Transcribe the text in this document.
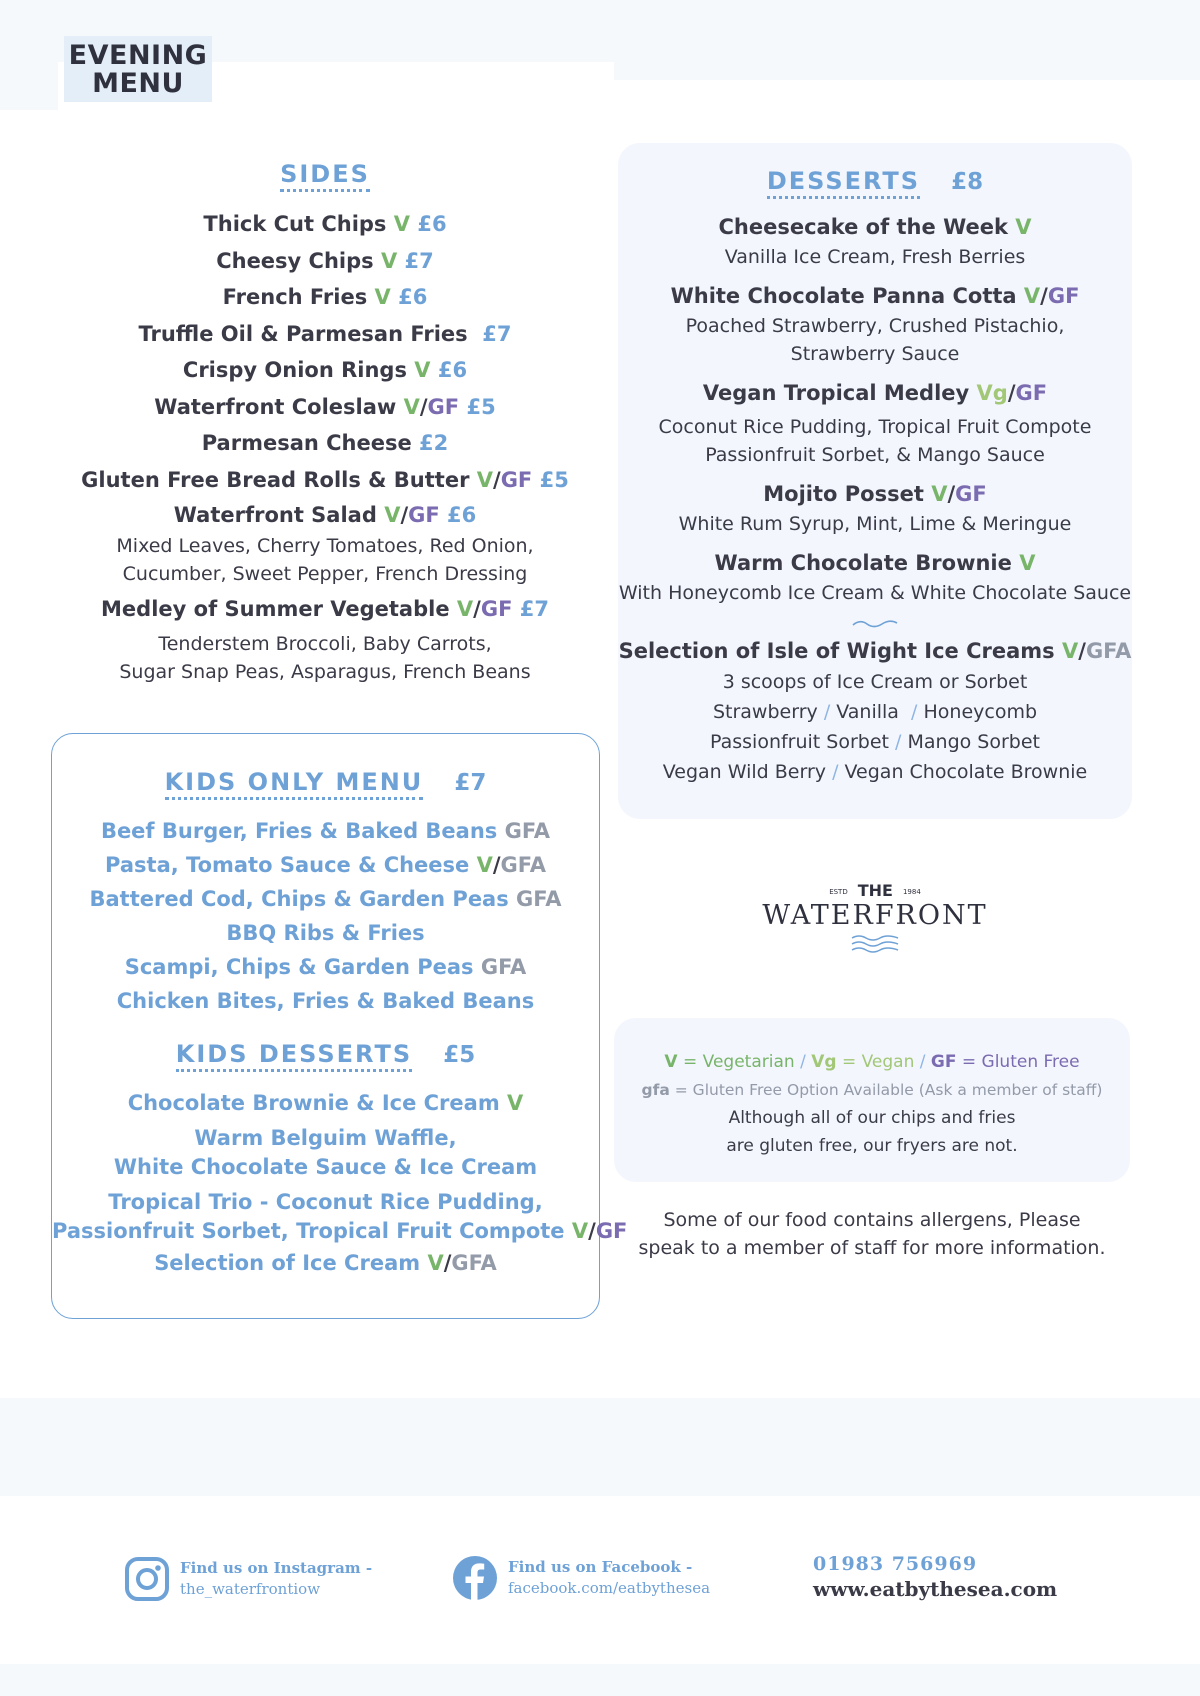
EVENING
MENU
SIDES
Thick Cut Chips V £6
Cheesy Chips V £7
French Fries V £6
Truffle Oil & Parmesan Fries £7
Crispy Onion Rings V £6
Waterfront Coleslaw V/GF £5
Parmesan Cheese £2
Gluten Free Bread Rolls & Butter V/GF £5
Waterfront Salad V/GF £6
Mixed Leaves, Cherry Tomatoes, Red Onion,
Cucumber, Sweet Pepper, French Dressing
Medley of Summer Vegetable V/GF £7
Tenderstem Broccoli, Baby Carrots,
Sugar Snap Peas, Asparagus, French Beans
DESSERTS £8
Cheesecake of the Week V
Vanilla Ice Cream, Fresh Berries
White Chocolate Panna Cotta V/GF
Poached Strawberry, Crushed Pistachio,
Strawberry Sauce
Vegan Tropical Medley Vg/GF
Coconut Rice Pudding, Tropical Fruit Compote
Passionfruit Sorbet, & Mango Sauce
Mojito Posset V/GF
White Rum Syrup, Mint, Lime & Meringue
Warm Chocolate Brownie V
With Honeycomb Ice Cream & White Chocolate Sauce
Selection of Isle of Wight Ice Creams V/GFA
3 scoops of Ice Cream or Sorbet
Strawberry / Vanilla / Honeycomb
Passionfruit Sorbet / Mango Sorbet
Vegan Wild Berry / Vegan Chocolate Brownie
KIDS ONLY MENU £7
Beef Burger, Fries & Baked Beans GFA
Pasta, Tomato Sauce & Cheese V/GFA
Battered Cod, Chips & Garden Peas GFA
BBQ Ribs & Fries
Scampi, Chips & Garden Peas GFA
Chicken Bites, Fries & Baked Beans
KIDS DESSERTS £5
Chocolate Brownie & Ice Cream V
Warm Belguim Waffle,
White Chocolate Sauce & Ice Cream
Tropical Trio - Coconut Rice Pudding,
Passionfruit Sorbet, Tropical Fruit Compote V/GF
Selection of Ice Cream V/GFA
ESTD THE 1984
WATERFRONT
V = Vegetarian / Vg = Vegan / GF = Gluten Free
gfa = Gluten Free Option Available (Ask a member of staff)
Although all of our chips and fries
are gluten free, our fryers are not.
Some of our food contains allergens, Please
speak to a member of staff for more information.
Find us on Instagram -
the_waterfrontiow
Find us on Facebook -
facebook.com/eatbythesea
01983 756969
www.eatbythesea.com
